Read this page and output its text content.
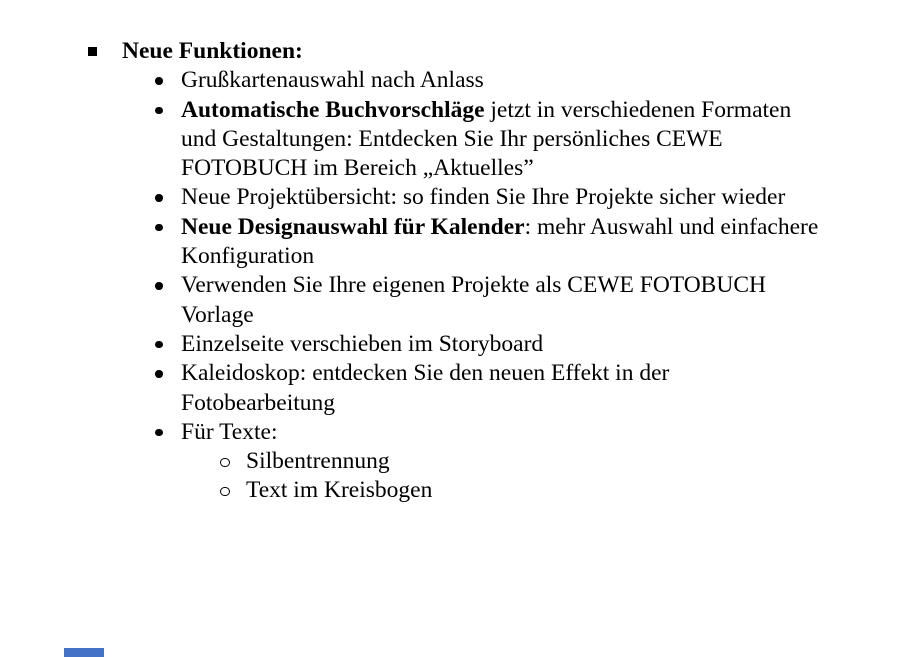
Neue Funktionen:
Grußkartenauswahl nach Anlass
Automatische Buchvorschläge jetzt in verschiedenen Formaten
und Gestaltungen: Entdecken Sie Ihr persönliches CEWE
FOTOBUCH im Bereich „Aktuelles”
Neue Projektübersicht: so finden Sie Ihre Projekte sicher wieder
Neue Designauswahl für Kalender: mehr Auswahl und einfachere
Konfiguration
Verwenden Sie Ihre eigenen Projekte als CEWE FOTOBUCH
Vorlage
Einzelseite verschieben im Storyboard
Kaleidoskop: entdecken Sie den neuen Effekt in der
Fotobearbeitung
Für Texte:
Silbentrennung
Text im Kreisbogen
